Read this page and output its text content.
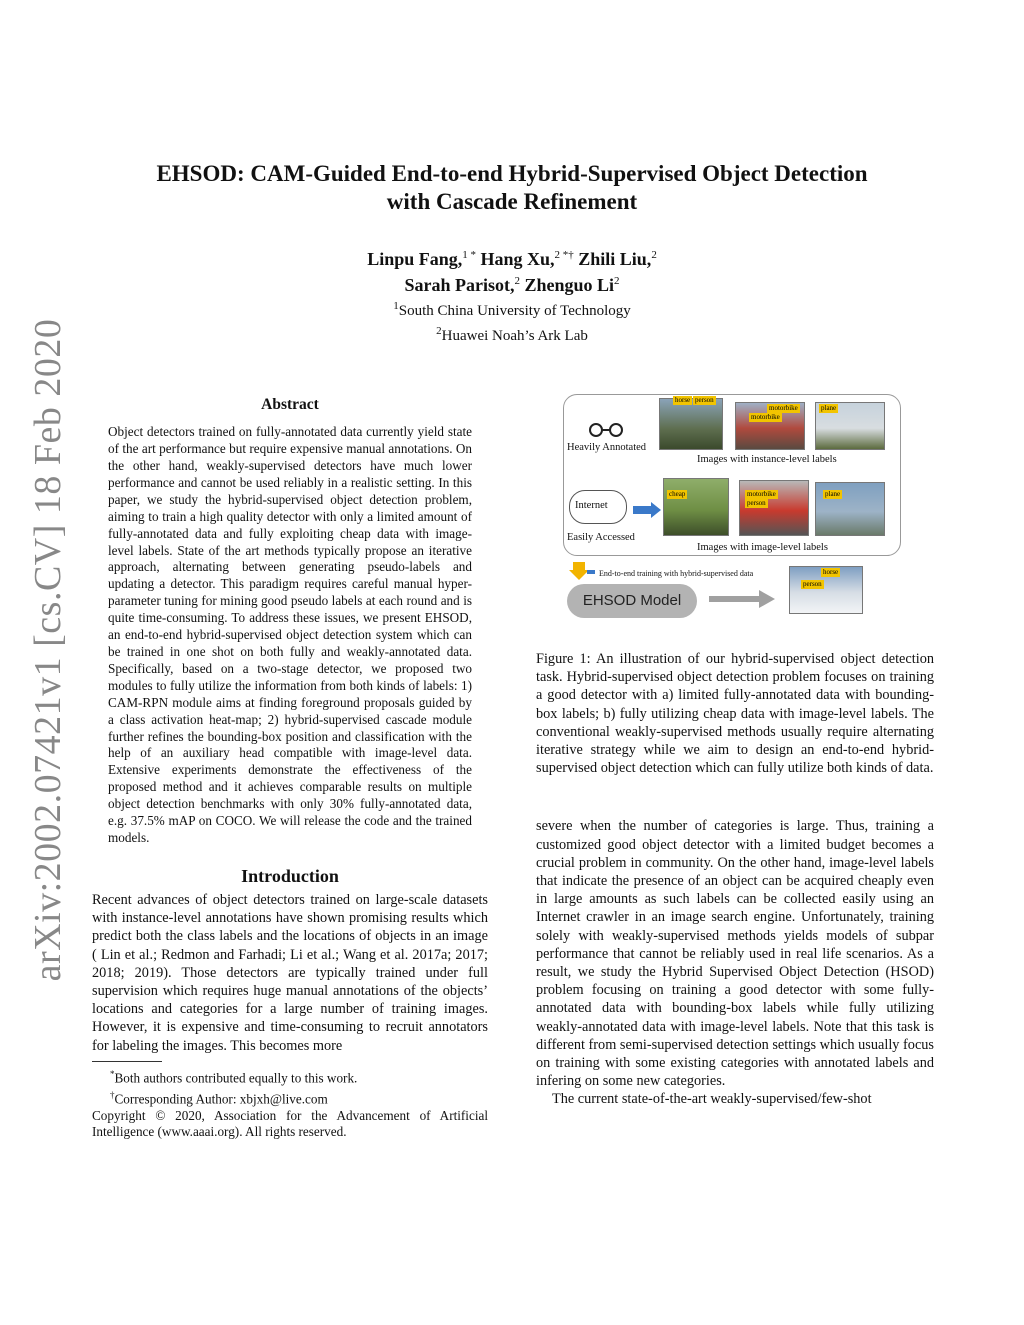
arXiv:2002.07421v1 [cs.CV] 18 Feb 2020
EHSOD: CAM-Guided End-to-end Hybrid-Supervised Object Detection
with Cascade Refinement
Linpu Fang,$^{1 *}$ Hang Xu,$^{2 *\dagger}$ Zhili Liu,$^2$
Sarah Parisot,$^2$ Zhenguo Li$^2$
$^1$South China University of Technology
$^2$Huawei Noah’s Ark Lab
Abstract

Object detectors trained on fully-annotated data currently yield state of the art performance but require expensive manual annotations. On the other hand, weakly-supervised detectors have much lower performance and cannot be used reliably in a realistic setting. In this paper, we study the hybrid-supervised object detection problem, aiming to train a high quality detector with only a limited amount of fully-annotated data and fully exploiting cheap data with image-level labels. State of the art methods typically propose an iterative approach, alternating between generating pseudo-labels and updating a detector. This paradigm requires careful manual hyper-parameter tuning for mining good pseudo labels at each round and is quite time-consuming. To address these issues, we present EHSOD, an end-to-end hybrid-supervised object detection system which can be trained in one shot on both fully and weakly-annotated data. Specifically, based on a two-stage detector, we proposed two modules to fully utilize the information from both kinds of labels: 1) CAM-RPN module aims at finding foreground proposals guided by a class activation heat-map; 2) hybrid-supervised cascade module further refines the bounding-box position and classification with the help of an auxiliary head compatible with image-level data. Extensive experiments demonstrate the effectiveness of the proposed method and it achieves comparable results on multiple object detection benchmarks with only 30% fully-annotated data, e.g. 37.5% mAP on COCO. We will release the code and the trained models.

Introduction

Recent advances of object detectors trained on large-scale datasets with instance-level annotations have shown promising results which predict both the class labels and the locations of objects in an image ( Lin et al.; Redmon and Farhadi; Li et al.; Wang et al. 2017a; 2017; 2018; 2019). Those detectors are typically trained under full supervision which requires huge manual annotations of the objects’ locations and categories for a large number of training images. However, it is expensive and time-consuming to recruit annotators for labeling the images. This becomes more

*Both authors contributed equally to this work.

†Corresponding Author: xbjxh@live.com

Copyright © 2020, Association for the Advancement of Artificial Intelligence (www.aaai.org). All rights reserved.

Heavily Annotated
horse person
motorbike
motorbike
plane
Images with instance-level labels
Internet
Easily Accessed
cheap	motorbike
person
plane
Images with image-level labels
End-to-end training with hybrid-supervised data
EHSOD Model
horse
person

Figure 1: An illustration of our hybrid-supervised object detection task. Hybrid-supervised object detection problem focuses on training a good detector with a) limited fully-annotated data with bounding-box labels; b) fully utilizing cheap data with image-level labels. The conventional weakly-supervised methods usually require alternating iterative strategy while we aim to design an end-to-end hybrid-supervised object detection which can fully utilize both kinds of data.

severe when the number of categories is large. Thus, training a customized good object detector with a limited budget becomes a crucial problem in community. On the other hand, image-level labels that indicate the presence of an object can be acquired cheaply even in large amounts as such labels can be collected easily using an Internet crawler in an image search engine. Unfortunately, training solely with weakly-supervised methods yields models of subpar performance that cannot be reliably used in real life scenarios. As a result, we study the Hybrid Supervised Object Detection (HSOD) problem focusing on training a good detector with some fully-annotated data with bounding-box labels while fully utilizing weakly-annotated data with image-level labels. Note that this task is different from semi-supervised detection settings which usually focus on training with some existing categories with annotated labels and infering on some new categories.

The current state-of-the-art weakly-supervised/few-shot
